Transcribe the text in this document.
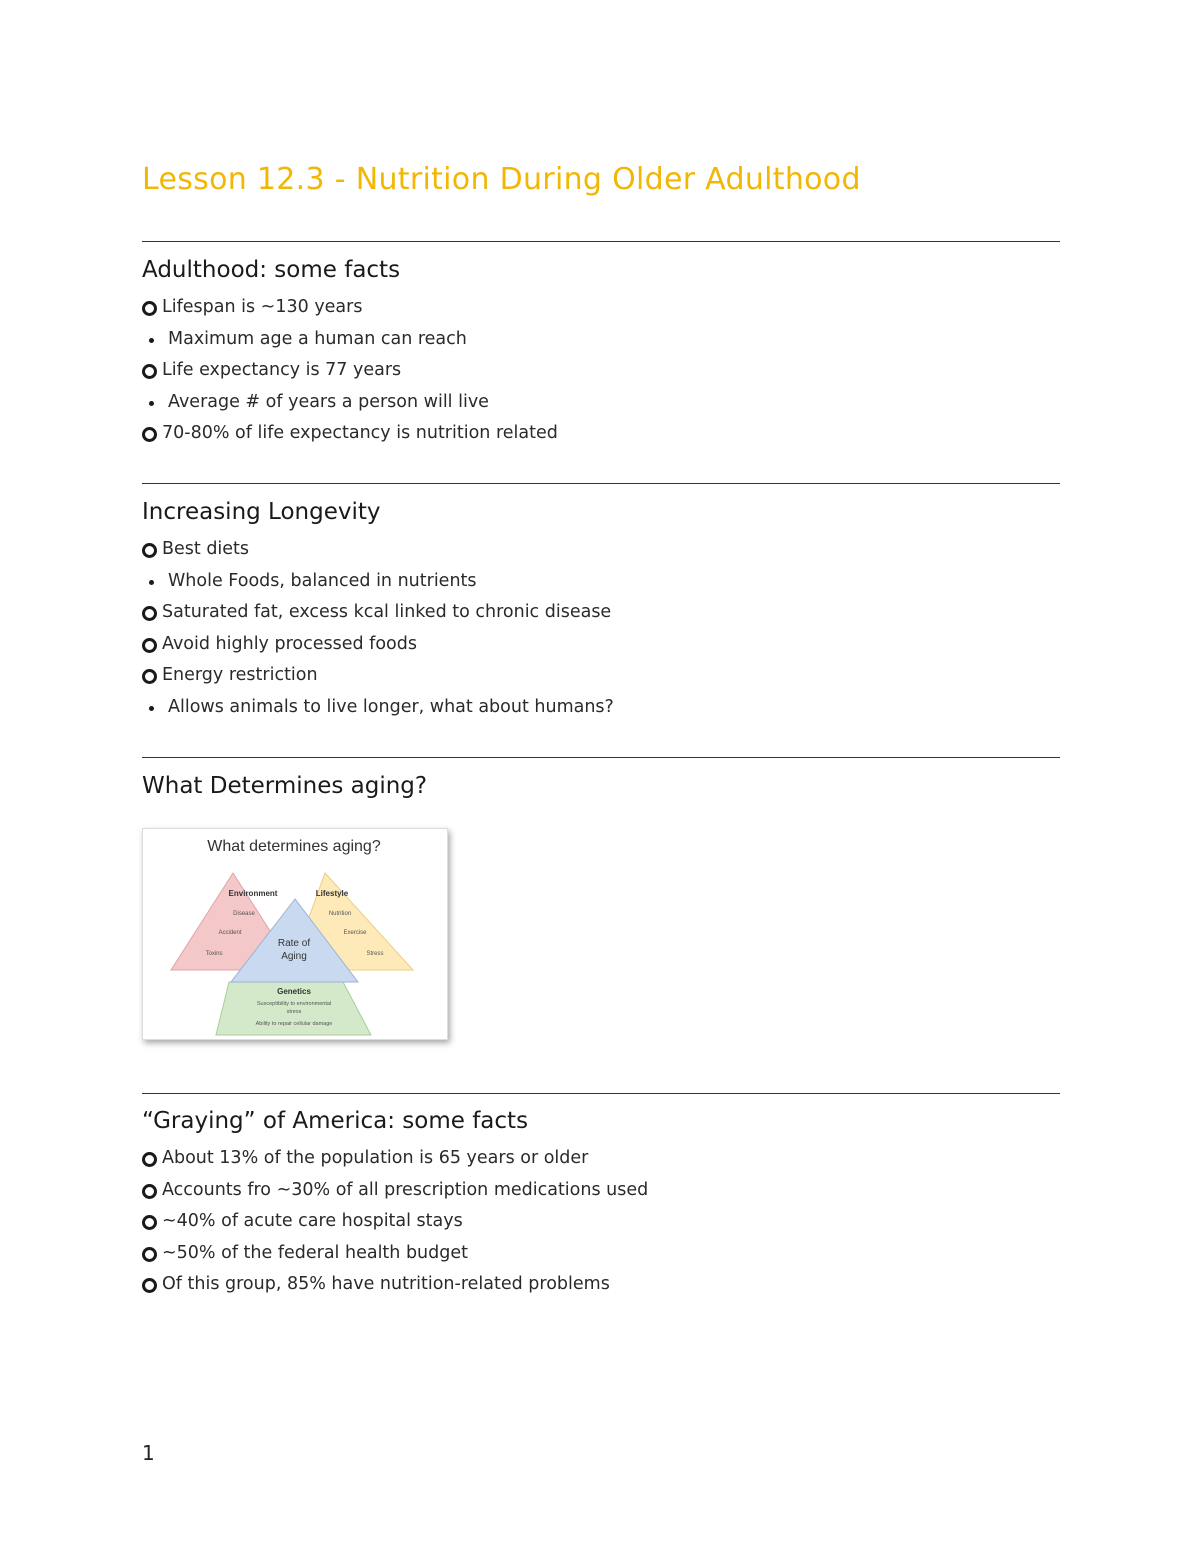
Lesson 12.3 - Nutrition During Older Adulthood
Adulthood: some facts
Lifespan is ~130 years
Maximum age a human can reach
Life expectancy is 77 years
Average # of years a person will live
70-80% of life expectancy is nutrition related
Increasing Longevity
Best diets
Whole Foods, balanced in nutrients
Saturated fat, excess kcal linked to chronic disease
Avoid highly processed foods
Energy restriction
Allows animals to live longer, what about humans?
What Determines aging?
What determines aging?
Environment
Disease
Accident
Toxins
Lifestyle
Nutrition
Exercise
Stress
Rate of
Aging
Genetics
Susceptibility to environmental
stress
Ability to repair cellular damage
“Graying” of America: some facts
About 13% of the population is 65 years or older
Accounts fro ~30% of all prescription medications used
~40% of acute care hospital stays
~50% of the federal health budget
Of this group, 85% have nutrition-related problems
1
